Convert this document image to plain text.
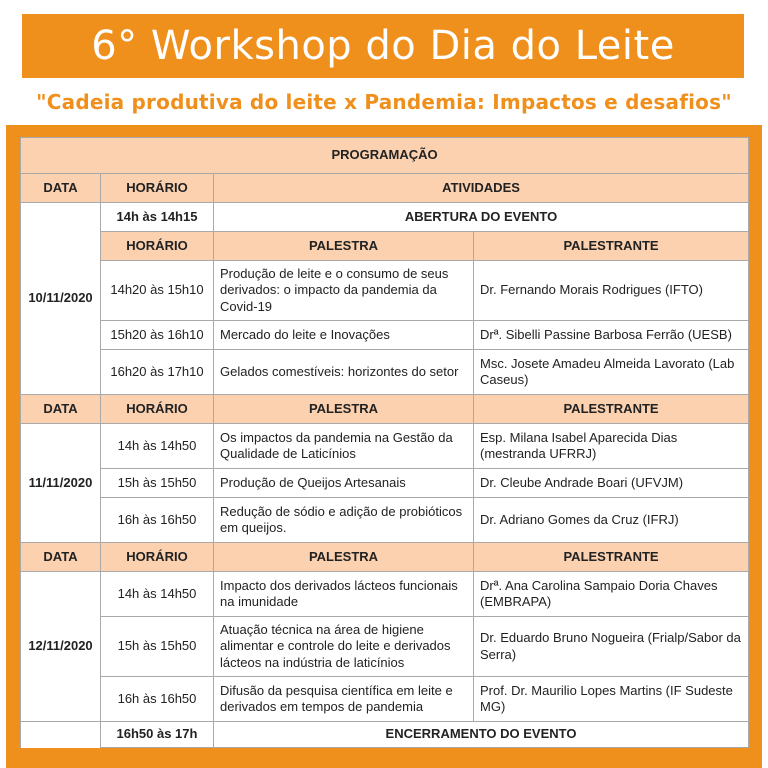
6° Workshop do Dia do Leite
"Cadeia produtiva do leite x Pandemia: Impactos e desafios"
PROGRAMAÇÃO			
DATA	HORÁRIO	ATIVIDADES	
10/11/2020	14h às 14h15	ABERTURA DO EVENTO	
	HORÁRIO	PALESTRA	PALESTRANTE
	14h20 às 15h10	Produção de leite e o consumo de seus derivados: o impacto da pandemia da Covid-19	Dr. Fernando Morais Rodrigues (IFTO)
	15h20 às 16h10	Mercado do leite e Inovações	Drª. Sibelli Passine Barbosa Ferrão (UESB)
	16h20 às 17h10	Gelados comestíveis: horizontes do setor	Msc. Josete Amadeu Almeida Lavorato (Lab Caseus)

DATA	HORÁRIO	PALESTRA	PALESTRANTE
11/11/2020	14h às 14h50	Os impactos da pandemia na Gestão da Qualidade de Laticínios	Esp. Milana Isabel Aparecida Dias (mestranda UFRRJ)
	15h às 15h50	Produção de Queijos Artesanais	Dr. Cleube Andrade Boari (UFVJM)
	16h às 16h50	Redução de sódio e adição de probióticos em queijos.	Dr. Adriano Gomes da Cruz (IFRJ)
DATA	HORÁRIO	PALESTRA	PALESTRANTE
12/11/2020	14h às 14h50	Impacto dos derivados lácteos funcionais na imunidade	Drª. Ana Carolina Sampaio Doria Chaves (EMBRAPA)
	15h às 15h50	Atuação técnica na área de higiene alimentar e controle do leite e derivados lácteos na indústria de laticínios	Dr. Eduardo Bruno Nogueira (Frialp/Sabor da Serra)
	16h às 16h50	Difusão da pesquisa científica em leite e derivados em tempos de pandemia	Prof. Dr. Maurilio Lopes Martins (IF Sudeste MG)
	16h50 às 17h	ENCERRAMENTO DO EVENTO	
